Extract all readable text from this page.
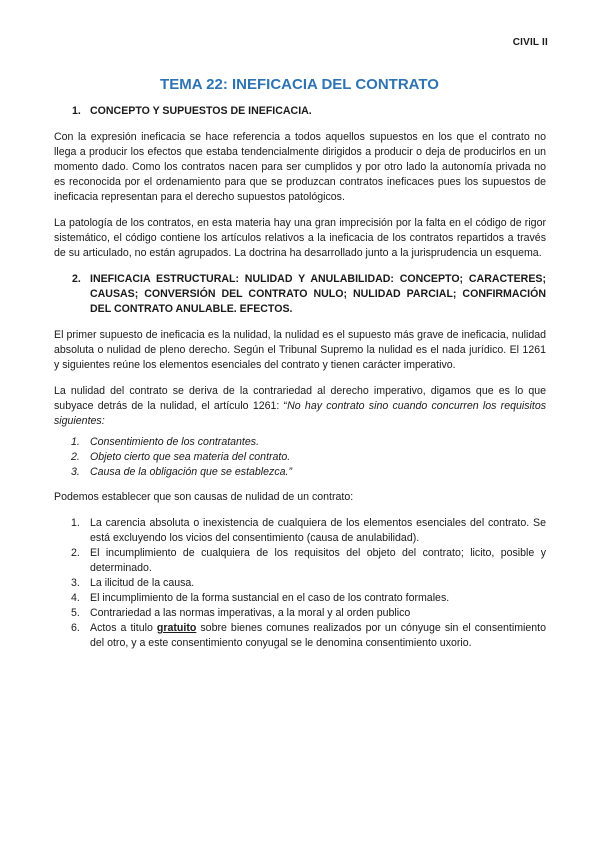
CIVIL II
TEMA 22: INEFICACIA DEL CONTRATO
1. CONCEPTO Y SUPUESTOS DE INEFICACIA.

Con la expresión ineficacia se hace referencia a todos aquellos supuestos en los que el contrato no llega a producir los efectos que estaba tendencialmente dirigidos a producir o deja de producirlos en un momento dado. Como los contratos nacen para ser cumplidos y por otro lado la autonomía privada no es reconocida por el ordenamiento para que se produzcan contratos ineficaces pues los supuestos de ineficacia representan para el derecho supuestos patológicos.

La patología de los contratos, en esta materia hay una gran imprecisión por la falta en el código de rigor sistemático, el código contiene los artículos relativos a la ineficacia de los contratos repartidos a través de su articulado, no están agrupados. La doctrina ha desarrollado junto a la jurisprudencia un esquema.

2. INEFICACIA ESTRUCTURAL: NULIDAD Y ANULABILIDAD: CONCEPTO; CARACTERES; CAUSAS; CONVERSIÓN DEL CONTRATO NULO; NULIDAD PARCIAL; CONFIRMACIÓN DEL CONTRATO ANULABLE. EFECTOS.

El primer supuesto de ineficacia es la nulidad, la nulidad es el supuesto más grave de ineficacia, nulidad absoluta o nulidad de pleno derecho. Según el Tribunal Supremo la nulidad es el nada jurídico. El 1261 y siguientes reúne los elementos esenciales del contrato y tienen carácter imperativo.

La nulidad del contrato se deriva de la contrariedad al derecho imperativo, digamos que es lo que subyace detrás de la nulidad, el artículo 1261: “No hay contrato sino cuando concurren los requisitos siguientes:

1. Consentimiento de los contratantes.
2. Objeto cierto que sea materia del contrato.
3. Causa de la obligación que se establezca.”

Podemos establecer que son causas de nulidad de un contrato:

1. La carencia absoluta o inexistencia de cualquiera de los elementos esenciales del contrato. Se está excluyendo los vicios del consentimiento (causa de anulabilidad).
2. El incumplimiento de cualquiera de los requisitos del objeto del contrato; licito, posible y determinado.
3. La ilicitud de la causa.
4. El incumplimiento de la forma sustancial en el caso de los contrato formales.
5. Contrariedad a las normas imperativas, a la moral y al orden publico
6. Actos a titulo gratuito sobre bienes comunes realizados por un cónyuge sin el consentimiento del otro, y a este consentimiento conyugal se le denomina consentimiento uxorio.
